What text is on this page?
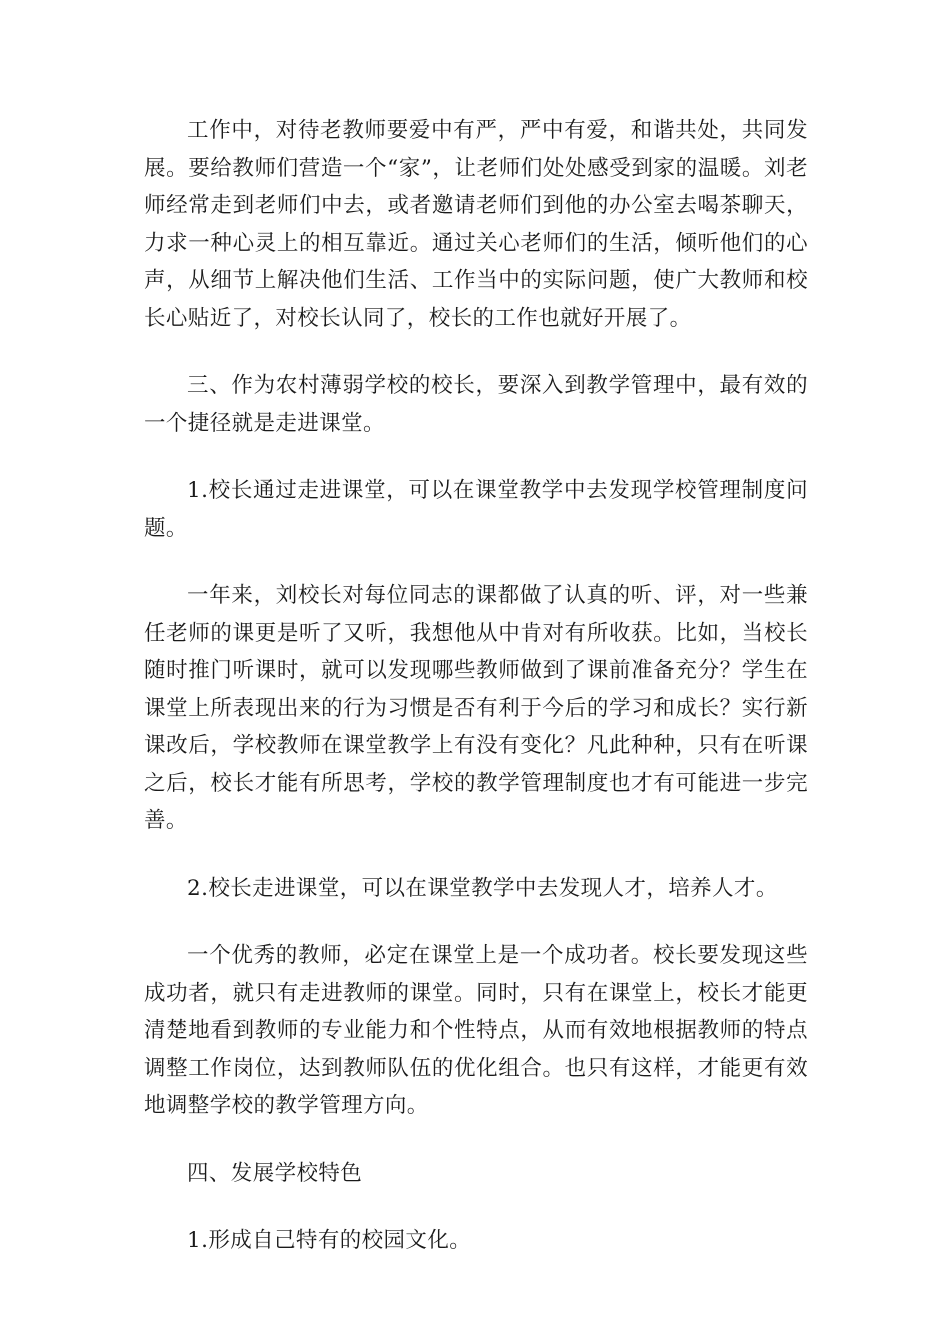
工作中，对待老教师要爱中有严，严中有爱，和谐共处，共同发展。要给教师们营造一个“家”，让老师们处处感受到家的温暖。刘老师经常走到老师们中去，或者邀请老师们到他的办公室去喝茶聊天，力求一种心灵上的相互靠近。通过关心老师们的生活，倾听他们的心声，从细节上解决他们生活、工作当中的实际问题，使广大教师和校长心贴近了，对校长认同了，校长的工作也就好开展了。

三、作为农村薄弱学校的校长，要深入到教学管理中，最有效的一个捷径就是走进课堂。

1.校长通过走进课堂，可以在课堂教学中去发现学校管理制度问题。

一年来，刘校长对每位同志的课都做了认真的听、评，对一些兼任老师的课更是听了又听，我想他从中肯对有所收获。比如，当校长随时推门听课时，就可以发现哪些教师做到了课前准备充分？学生在课堂上所表现出来的行为习惯是否有利于今后的学习和成长？实行新课改后，学校教师在课堂教学上有没有变化？凡此种种，只有在听课之后，校长才能有所思考，学校的教学管理制度也才有可能进一步完善。

2.校长走进课堂，可以在课堂教学中去发现人才，培养人才。

一个优秀的教师，必定在课堂上是一个成功者。校长要发现这些成功者，就只有走进教师的课堂。同时，只有在课堂上，校长才能更清楚地看到教师的专业能力和个性特点，从而有效地根据教师的特点调整工作岗位，达到教师队伍的优化组合。也只有这样，才能更有效地调整学校的教学管理方向。

四、发展学校特色

1.形成自己特有的校园文化。
